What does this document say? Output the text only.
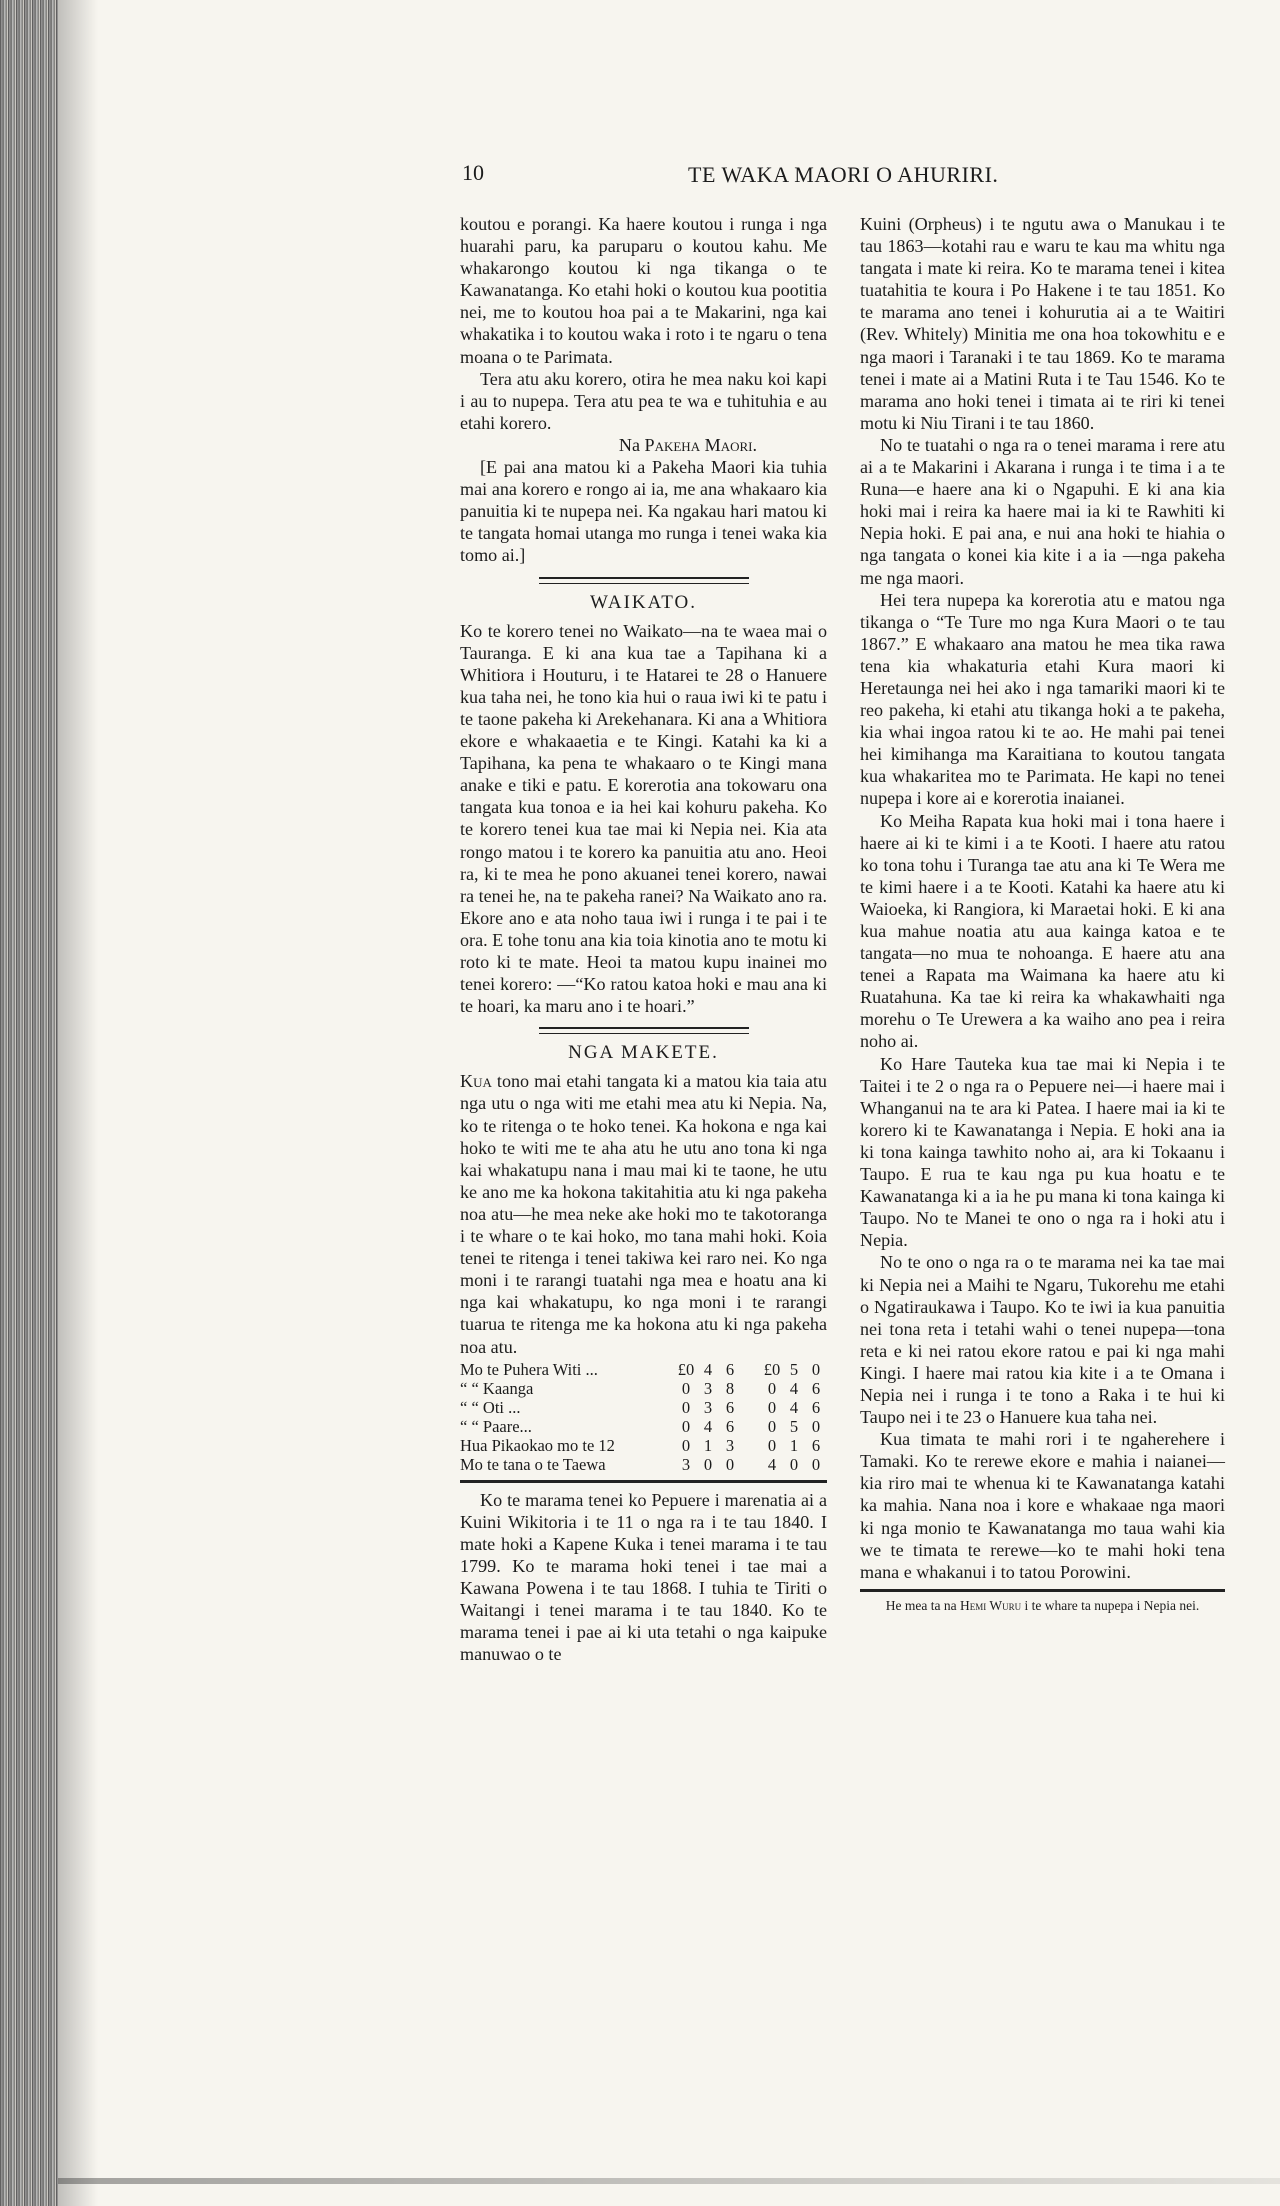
10	TE WAKA MAORI O AHURIRI.

koutou e porangi. Ka haere koutou i runga i nga huarahi paru, ka paruparu o koutou kahu. Me whakarongo koutou ki nga tikanga o te Kawanatanga. Ko etahi hoki o koutou kua pootitia nei, me to koutou hoa pai a te Makarini, nga kai whakatika i to koutou waka i roto i te ngaru o tena moana o te Parimata.

Tera atu aku korero, otira he mea naku koi kapi i au to nupepa. Tera atu pea te wa e tuhituhia e au etahi korero.

Na Pakeha Maori.

[E pai ana matou ki a Pakeha Maori kia tuhia mai ana korero e rongo ai ia, me ana whakaaro kia panuitia ki te nupepa nei. Ka ngakau hari matou ki te tangata homai utanga mo runga i tenei waka kia tomo ai.]

WAIKATO.

Ko te korero tenei no Waikato—na te waea mai o Tauranga. E ki ana kua tae a Tapihana ki a Whitiora i Houturu, i te Hatarei te 28 o Hanuere kua taha nei, he tono kia hui o raua iwi ki te patu i te taone pakeha ki Arekehanara. Ki ana a Whitiora ekore e whakaaetia e te Kingi. Katahi ka ki a Tapihana, ka pena te whakaaro o te Kingi mana anake e tiki e patu. E korerotia ana tokowaru ona tangata kua tonoa e ia hei kai kohuru pakeha. Ko te korero tenei kua tae mai ki Nepia nei. Kia ata rongo matou i te korero ka panuitia atu ano. Heoi ra, ki te mea he pono akuanei tenei korero, nawai ra tenei he, na te pakeha ranei? Na Waikato ano ra. Ekore ano e ata noho taua iwi i runga i te pai i te ora. E tohe tonu ana kia toia kinotia ano te motu ki roto ki te mate. Heoi ta matou kupu inainei mo tenei korero: —“Ko ratou katoa hoki e mau ana ki te hoari, ka maru ano i te hoari.”

NGA MAKETE.

Kua tono mai etahi tangata ki a matou kia taia atu nga utu o nga witi me etahi mea atu ki Nepia. Na, ko te ritenga o te hoko tenei. Ka hokona e nga kai hoko te witi me te aha atu he utu ano tona ki nga kai whakatupu nana i mau mai ki te taone, he utu ke ano me ka hokona takitahitia atu ki nga pakeha noa atu—he mea neke ake hoki mo te takotoranga i te whare o te kai hoko, mo tana mahi hoki. Koia tenei te ritenga i tenei takiwa kei raro nei. Ko nga moni i te rarangi tuatahi nga mea e hoatu ana ki nga kai whakatupu, ko nga moni i te rarangi tuarua te ritenga me ka hokona atu ki nga pakeha noa atu.

Mo te Puhera Witi ...	£0	4	6		£0	5	0
“ “ Kaanga	0	3	8		0	4	6
“ “ Oti ...	0	3	6		0	4	6
“ “ Paare...	0	4	6		0	5	0
Hua Pikaokao mo te 12	0	1	3		0	1	6
Mo te tana o te Taewa	3	0	0		4	0	0

Ko te marama tenei ko Pepuere i marenatia ai a Kuini Wikitoria i te 11 o nga ra i te tau 1840. I mate hoki a Kapene Kuka i tenei marama i te tau 1799. Ko te marama hoki tenei i tae mai a Kawana Powena i te tau 1868. I tuhia te Tiriti o Waitangi i tenei marama i te tau 1840. Ko te marama tenei i pae ai ki uta tetahi o nga kaipuke manuwao o te

Kuini (Orpheus) i te ngutu awa o Manukau i te tau 1863—kotahi rau e waru te kau ma whitu nga tangata i mate ki reira. Ko te marama tenei i kitea tuatahitia te koura i Po Hakene i te tau 1851. Ko te marama ano tenei i kohurutia ai a te Waitiri (Rev. Whitely) Minitia me ona hoa tokowhitu e e nga maori i Taranaki i te tau 1869. Ko te marama tenei i mate ai a Matini Ruta i te Tau 1546. Ko te marama ano hoki tenei i timata ai te riri ki tenei motu ki Niu Tirani i te tau 1860.

No te tuatahi o nga ra o tenei marama i rere atu ai a te Makarini i Akarana i runga i te tima i a te Runa—e haere ana ki o Ngapuhi. E ki ana kia hoki mai i reira ka haere mai ia ki te Rawhiti ki Nepia hoki. E pai ana, e nui ana hoki te hiahia o nga tangata o konei kia kite i a ia —nga pakeha me nga maori.

Hei tera nupepa ka korerotia atu e matou nga tikanga o “Te Ture mo nga Kura Maori o te tau 1867.” E whakaaro ana matou he mea tika rawa tena kia whakaturia etahi Kura maori ki Heretaunga nei hei ako i nga tamariki maori ki te reo pakeha, ki etahi atu tikanga hoki a te pakeha, kia whai ingoa ratou ki te ao. He mahi pai tenei hei kimihanga ma Karaitiana to koutou tangata kua whakaritea mo te Parimata. He kapi no tenei nupepa i kore ai e korerotia inaianei.

Ko Meiha Rapata kua hoki mai i tona haere i haere ai ki te kimi i a te Kooti. I haere atu ratou ko tona tohu i Turanga tae atu ana ki Te Wera me te kimi haere i a te Kooti. Katahi ka haere atu ki Waioeka, ki Rangiora, ki Maraetai hoki. E ki ana kua mahue noatia atu aua kainga katoa e te tangata—no mua te nohoanga. E haere atu ana tenei a Rapata ma Waimana ka haere atu ki Ruatahuna. Ka tae ki reira ka whakawhaiti nga morehu o Te Urewera a ka waiho ano pea i reira noho ai.

Ko Hare Tauteka kua tae mai ki Nepia i te Taitei i te 2 o nga ra o Pepuere nei—i haere mai i Whanganui na te ara ki Patea. I haere mai ia ki te korero ki te Kawanatanga i Nepia. E hoki ana ia ki tona kainga tawhito noho ai, ara ki Tokaanu i Taupo. E rua te kau nga pu kua hoatu e te Kawanatanga ki a ia he pu mana ki tona kainga ki Taupo. No te Manei te ono o nga ra i hoki atu i Nepia.

No te ono o nga ra o te marama nei ka tae mai ki Nepia nei a Maihi te Ngaru, Tukorehu me etahi o Ngatiraukawa i Taupo. Ko te iwi ia kua panuitia nei tona reta i tetahi wahi o tenei nupepa—tona reta e ki nei ratou ekore ratou e pai ki nga mahi Kingi. I haere mai ratou kia kite i a te Omana i Nepia nei i runga i te tono a Raka i te hui ki Taupo nei i te 23 o Hanuere kua taha nei.

Kua timata te mahi rori i te ngaherehere i Tamaki. Ko te rerewe ekore e mahia i naianei—kia riro mai te whenua ki te Kawanatanga katahi ka mahia. Nana noa i kore e whakaae nga maori ki nga monio te Kawanatanga mo taua wahi kia we te timata te rerewe—ko te mahi hoki tena mana e whakanui i to tatou Porowini.

He mea ta na Hemi Wuru i te whare ta nupepa i Nepia nei.
